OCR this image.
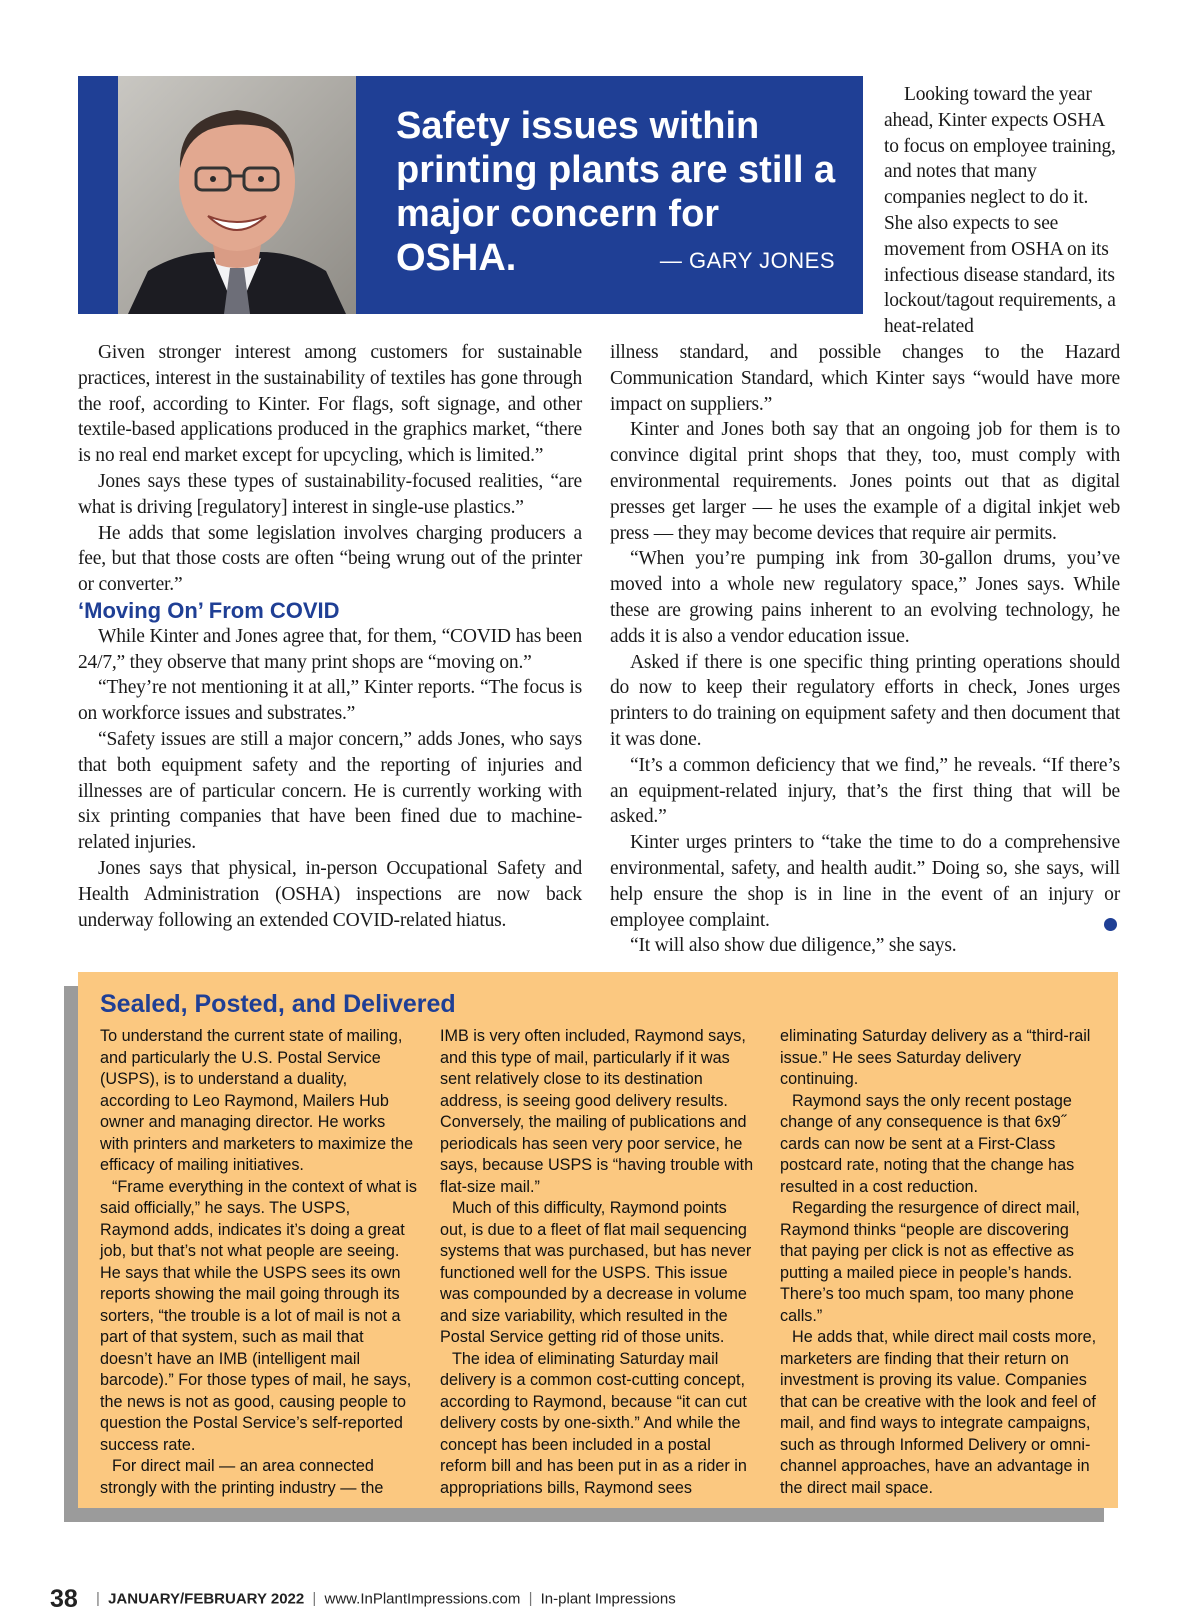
Safety issues within printing plants are still a major concern for OSHA.	— GARY JONES

Looking toward the year ahead, Kinter expects OSHA to focus on employee training, and notes that many companies neglect to do it. She also expects to see movement from OSHA on its infectious disease standard, its lockout/tagout requirements, a heat-related

Given stronger interest among customers for sustainable practices, interest in the sustainability of textiles has gone through the roof, according to Kinter. For flags, soft signage, and other textile-based applications produced in the graphics market, “there is no real end market except for upcycling, which is limited.”

Jones says these types of sustainability-focused realities, “are what is driving [regulatory] interest in single-use plastics.”

He adds that some legislation involves charging producers a fee, but that those costs are often “being wrung out of the printer or converter.”

‘Moving On’ From COVID

While Kinter and Jones agree that, for them, “COVID has been 24/7,” they observe that many print shops are “moving on.”

“They’re not mentioning it at all,” Kinter reports. “The focus is on workforce issues and substrates.”

“Safety issues are still a major concern,” adds Jones, who says that both equipment safety and the reporting of injuries and illnesses are of particular concern. He is currently working with six printing companies that have been fined due to machine-related injuries.

Jones says that physical, in-person Occupational Safety and Health Administration (OSHA) inspections are now back underway following an extended COVID-related hiatus.

illness standard, and possible changes to the Hazard Communication Standard, which Kinter says “would have more impact on suppliers.”

Kinter and Jones both say that an ongoing job for them is to convince digital print shops that they, too, must comply with environmental requirements. Jones points out that as digital presses get larger — he uses the example of a digital inkjet web press — they may become devices that require air permits.

“When you’re pumping ink from 30-gallon drums, you’ve moved into a whole new regulatory space,” Jones says. While these are growing pains inherent to an evolving technology, he adds it is also a vendor education issue.

Asked if there is one specific thing printing operations should do now to keep their regulatory efforts in check, Jones urges printers to do training on equipment safety and then document that it was done.

“It’s a common deficiency that we find,” he reveals. “If there’s an equipment-related injury, that’s the first thing that will be asked.”

Kinter urges printers to “take the time to do a comprehensive environmental, safety, and health audit.” Doing so, she says, will help ensure the shop is in line in the event of an injury or employee complaint.

“It will also show due diligence,” she says.

Sealed, Posted, and Delivered

To understand the current state of mailing, and particularly the U.S. Postal Service (USPS), is to understand a duality, according to Leo Raymond, Mailers Hub owner and managing director. He works with printers and marketers to maximize the efficacy of mailing initiatives.

“Frame everything in the context of what is said officially,” he says. The USPS, Raymond adds, indicates it’s doing a great job, but that’s not what people are seeing. He says that while the USPS sees its own reports showing the mail going through its sorters, “the trouble is a lot of mail is not a part of that system, such as mail that doesn’t have an IMB (intelligent mail barcode).” For those types of mail, he says, the news is not as good, causing people to question the Postal Service’s self-reported success rate.

For direct mail — an area connected strongly with the printing industry — the

IMB is very often included, Raymond says, and this type of mail, particularly if it was sent relatively close to its destination address, is seeing good delivery results. Conversely, the mailing of publications and periodicals has seen very poor service, he says, because USPS is “having trouble with flat-size mail.”

Much of this difficulty, Raymond points out, is due to a fleet of flat mail sequencing systems that was purchased, but has never functioned well for the USPS. This issue was compounded by a decrease in volume and size variability, which resulted in the Postal Service getting rid of those units.

The idea of eliminating Saturday mail delivery is a common cost-cutting concept, according to Raymond, because “it can cut delivery costs by one-sixth.” And while the concept has been included in a postal reform bill and has been put in as a rider in appropriations bills, Raymond sees

eliminating Saturday delivery as a “third-rail issue.” He sees Saturday delivery continuing.

Raymond says the only recent postage change of any consequence is that 6x9˝ cards can now be sent at a First-Class postcard rate, noting that the change has resulted in a cost reduction.

Regarding the resurgence of direct mail, Raymond thinks “people are discovering that paying per click is not as effective as putting a mailed piece in people’s hands. There’s too much spam, too many phone calls.”

He adds that, while direct mail costs more, marketers are finding that their return on investment is proving its value. Companies that can be creative with the look and feel of mail, and find ways to integrate campaigns, such as through Informed Delivery or omni-channel approaches, have an advantage in the direct mail space.

38 | JANUARY/FEBRUARY 2022 | www.InPlantImpressions.com | In-plant Impressions
